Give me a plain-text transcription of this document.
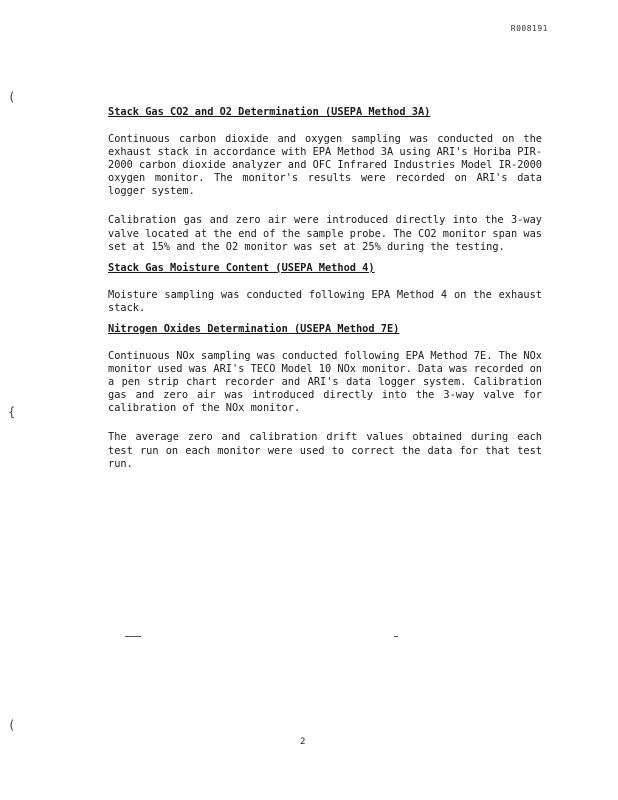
R008191
(
{
(
Stack Gas CO2 and O2 Determination (USEPA Method 3A)

Continuous carbon dioxide and oxygen sampling was conducted on the exhaust stack in accordance with EPA Method 3A using ARI's Horiba PIR-2000 carbon dioxide analyzer and OFC Infrared Industries Model IR-2000 oxygen monitor. The monitor's results were recorded on ARI's data logger system.

Calibration gas and zero air were introduced directly into the 3-way valve located at the end of the sample probe. The CO2 monitor span was set at 15% and the O2 monitor was set at 25% during the testing.

Stack Gas Moisture Content (USEPA Method 4)

Moisture sampling was conducted following EPA Method 4 on the exhaust stack.

Nitrogen Oxides Determination (USEPA Method 7E)

Continuous NOx sampling was conducted following EPA Method 7E. The NOx monitor used was ARI's TECO Model 10 NOx monitor. Data was recorded on a pen strip chart recorder and ARI's data logger system. Calibration gas and zero air was introduced directly into the 3-way valve for calibration of the NOx monitor.

The average zero and calibration drift values obtained during each test run on each monitor were used to correct the data for that test run.

2
